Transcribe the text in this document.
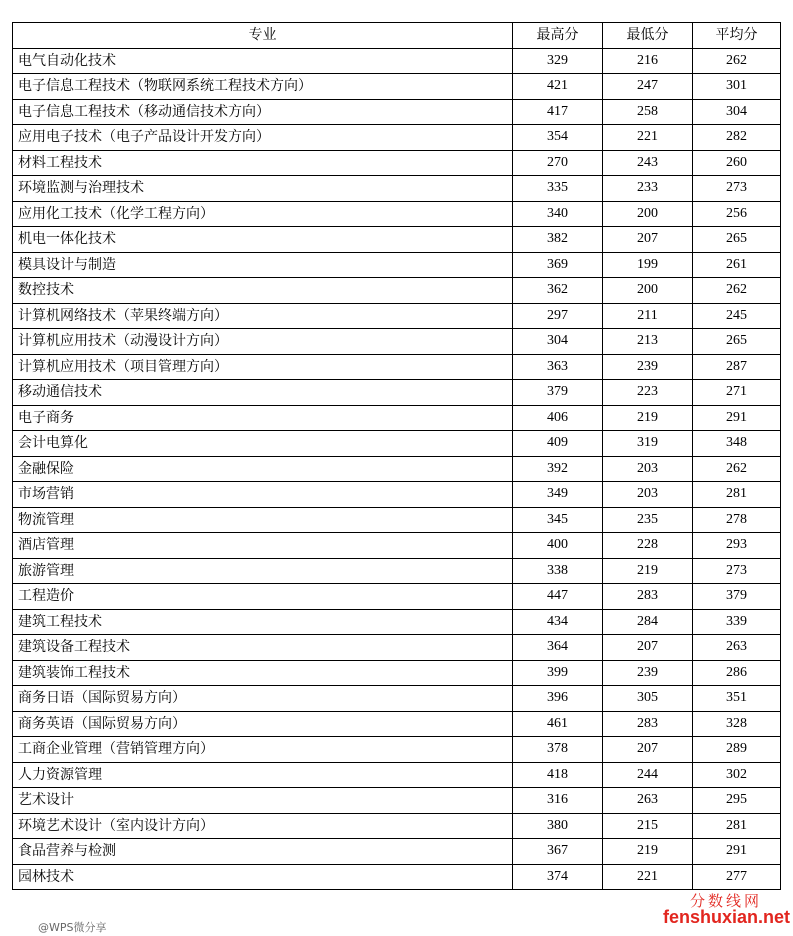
专业	最高分	最低分	平均分
电气自动化技术	329	216	262
电子信息工程技术（物联网系统工程技术方向）	421	247	301
电子信息工程技术（移动通信技术方向）	417	258	304
应用电子技术（电子产品设计开发方向）	354	221	282
材料工程技术	270	243	260
环境监测与治理技术	335	233	273
应用化工技术（化学工程方向）	340	200	256
机电一体化技术	382	207	265
模具设计与制造	369	199	261
数控技术	362	200	262
计算机网络技术（苹果终端方向）	297	211	245
计算机应用技术（动漫设计方向）	304	213	265
计算机应用技术（项目管理方向）	363	239	287
移动通信技术	379	223	271
电子商务	406	219	291
会计电算化	409	319	348
金融保险	392	203	262
市场营销	349	203	281
物流管理	345	235	278
酒店管理	400	228	293
旅游管理	338	219	273
工程造价	447	283	379
建筑工程技术	434	284	339
建筑设备工程技术	364	207	263
建筑装饰工程技术	399	239	286
商务日语（国际贸易方向）	396	305	351
商务英语（国际贸易方向）	461	283	328
工商企业管理（营销管理方向）	378	207	289
人力资源管理	418	244	302
艺术设计	316	263	295
环境艺术设计（室内设计方向）	380	215	281
食品营养与检测	367	219	291
园林技术	374	221	277
分数线网
fenshuxian.net
@WPS微分享
